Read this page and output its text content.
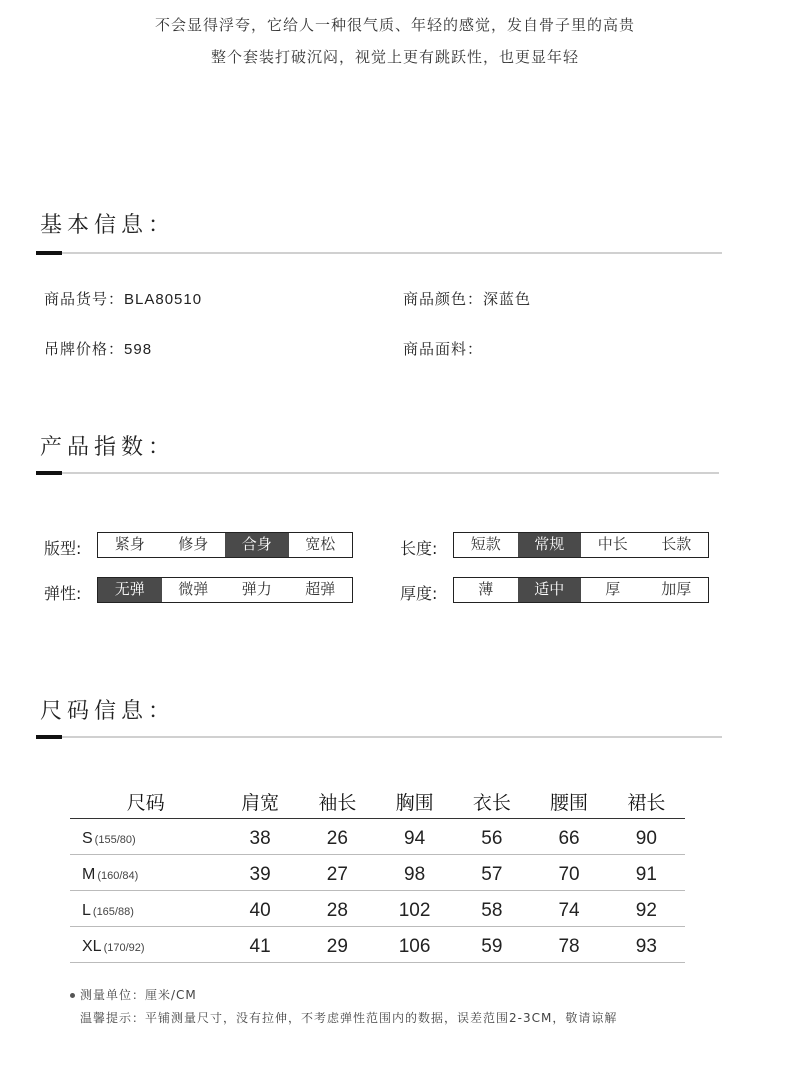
不会显得浮夸，它给人一种很气质、年轻的感觉，发自骨子里的高贵
整个套装打破沉闷，视觉上更有跳跃性，也更显年轻
基本信息：
商品货号：BLA80510	商品颜色：深蓝色
吊牌价格：598	商品面料：
产品指数：
版型:	紧身	修身	合身	宽松	长度:	短款	常规	中长	长款
弹性:	无弹	微弹	弹力	超弹	厚度:	薄	适中	厚	加厚
尺码信息：
尺码	肩宽	袖长	胸围	衣长	腰围	裙长
S (155/80)	38	26	94	56	66	90
M (160/84)	39	27	98	57	70	91
L (165/88)	40	28	102	58	74	92
XL (170/92)	41	29	106	59	78	93
测量单位：厘米/CM
温馨提示：平铺测量尺寸，没有拉伸，不考虑弹性范围内的数据，误差范围2-3CM，敬请谅解
